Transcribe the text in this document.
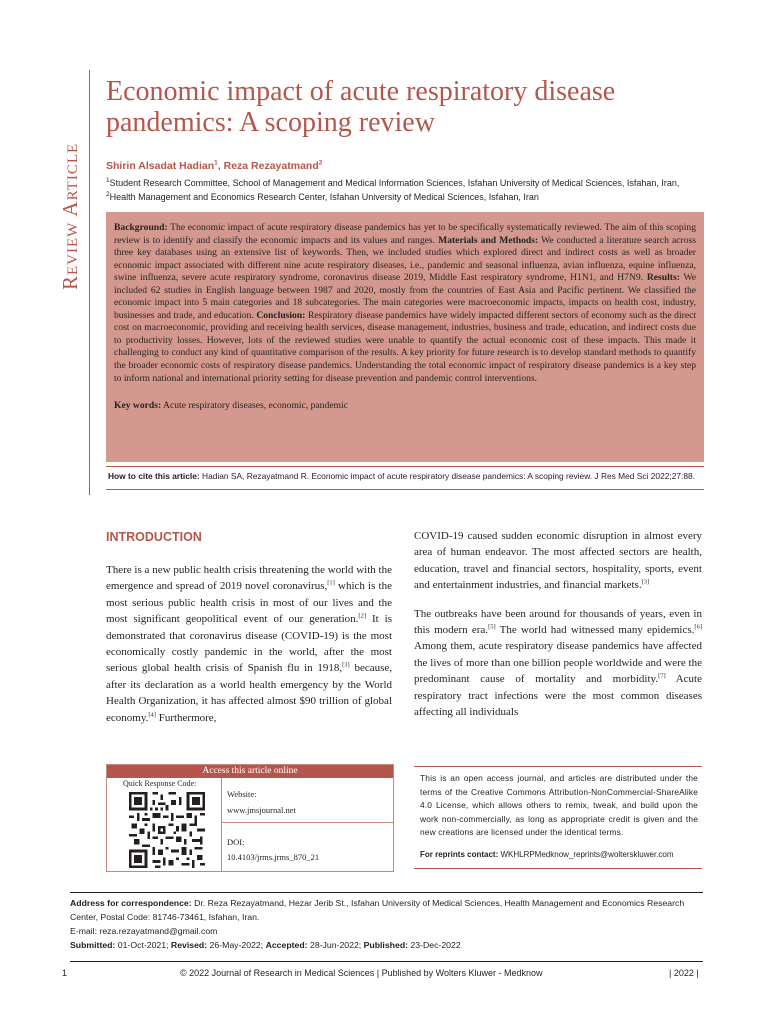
Review Article
Economic impact of acute respiratory disease pandemics: A scoping review
Shirin Alsadat Hadian$^1$, Reza Rezayatmand$^2$
$^1$Student Research Committee, School of Management and Medical Information Sciences, Isfahan University of Medical Sciences, Isfahan, Iran, $^2$Health Management and Economics Research Center, Isfahan University of Medical Sciences, Isfahan, Iran

Background: The economic impact of acute respiratory disease pandemics has yet to be specifically systematically reviewed. The aim of this scoping review is to identify and classify the economic impacts and its values and ranges. Materials and Methods: We conducted a literature search across three key databases using an extensive list of keywords. Then, we included studies which explored direct and indirect costs as well as broader economic impact associated with different nine acute respiratory diseases, i.e., pandemic and seasonal influenza, avian influenza, equine influenza, swine influenza, severe acute respiratory syndrome, coronavirus disease 2019, Middle East respiratory syndrome, H1N1, and H7N9. Results: We included 62 studies in English language between 1987 and 2020, mostly from the countries of East Asia and Pacific pertinent. We classified the economic impact into 5 main categories and 18 subcategories. The main categories were macroeconomic impacts, impacts on health cost, industry, businesses and trade, and education. Conclusion: Respiratory disease pandemics have widely impacted different sectors of economy such as the direct cost on macroeconomic, providing and receiving health services, disease management, industries, business and trade, education, and indirect costs due to productivity losses. However, lots of the reviewed studies were unable to quantify the actual economic cost of these impacts. This made it challenging to conduct any kind of quantitative comparison of the results. A key priority for future research is to develop standard methods to quantify the broader economic costs of respiratory disease pandemics. Understanding the total economic impact of respiratory disease pandemics is a key step to inform national and international priority setting for disease prevention and pandemic control interventions.

Key words: Acute respiratory diseases, economic, pandemic

How to cite this article: Hadian SA, Rezayatmand R. Economic impact of acute respiratory disease pandemics: A scoping review. J Res Med Sci 2022;27:88.
INTRODUCTION

There is a new public health crisis threatening the world with the emergence and spread of 2019 novel coronavirus,[1] which is the most serious public health crisis in most of our lives and the most significant geopolitical event of our generation.[2] It is demonstrated that coronavirus disease (COVID-19) is the most economically costly pandemic in the world, after the most serious global health crisis of Spanish flu in 1918,[3] because, after its declaration as a world health emergency by the World Health Organization, it has affected almost $90 trillion of global economy.[4] Furthermore,

COVID-19 caused sudden economic disruption in almost every area of human endeavor. The most affected sectors are health, education, travel and financial sectors, hospitality, sports, event and entertainment industries, and financial markets.[3]

The outbreaks have been around for thousands of years, even in this modern era.[5] The world had witnessed many epidemics.[6] Among them, acute respiratory disease pandemics have affected the lives of more than one billion people worldwide and were the predominant cause of mortality and morbidity.[7] Acute respiratory tract infections were the most common diseases affecting all individuals

Access this article online
Quick Response Code:
Website:
www.jmsjournal.net
DOI:
10.4103/jrms.jrms_870_21
This is an open access journal, and articles are distributed under the terms of the Creative Commons Attribution-NonCommercial-ShareAlike 4.0 License, which allows others to remix, tweak, and build upon the work non-commercially, as long as appropriate credit is given and the new creations are licensed under the identical terms.
For reprints contact: WKHLRPMedknow_reprints@wolterskluwer.com
Address for correspondence: Dr. Reza Rezayatmand, Hezar Jerib St., Isfahan University of Medical Sciences, Health Management and Economics Research Center, Postal Code: 81746-73461, Isfahan, Iran.
E-mail: reza.rezayatmand@gmail.com
Submitted: 01-Oct-2021; Revised: 26-May-2022; Accepted: 28-Jun-2022; Published: 23-Dec-2022
1	© 2022 Journal of Research in Medical Sciences | Published by Wolters Kluwer - Medknow	| 2022 |
